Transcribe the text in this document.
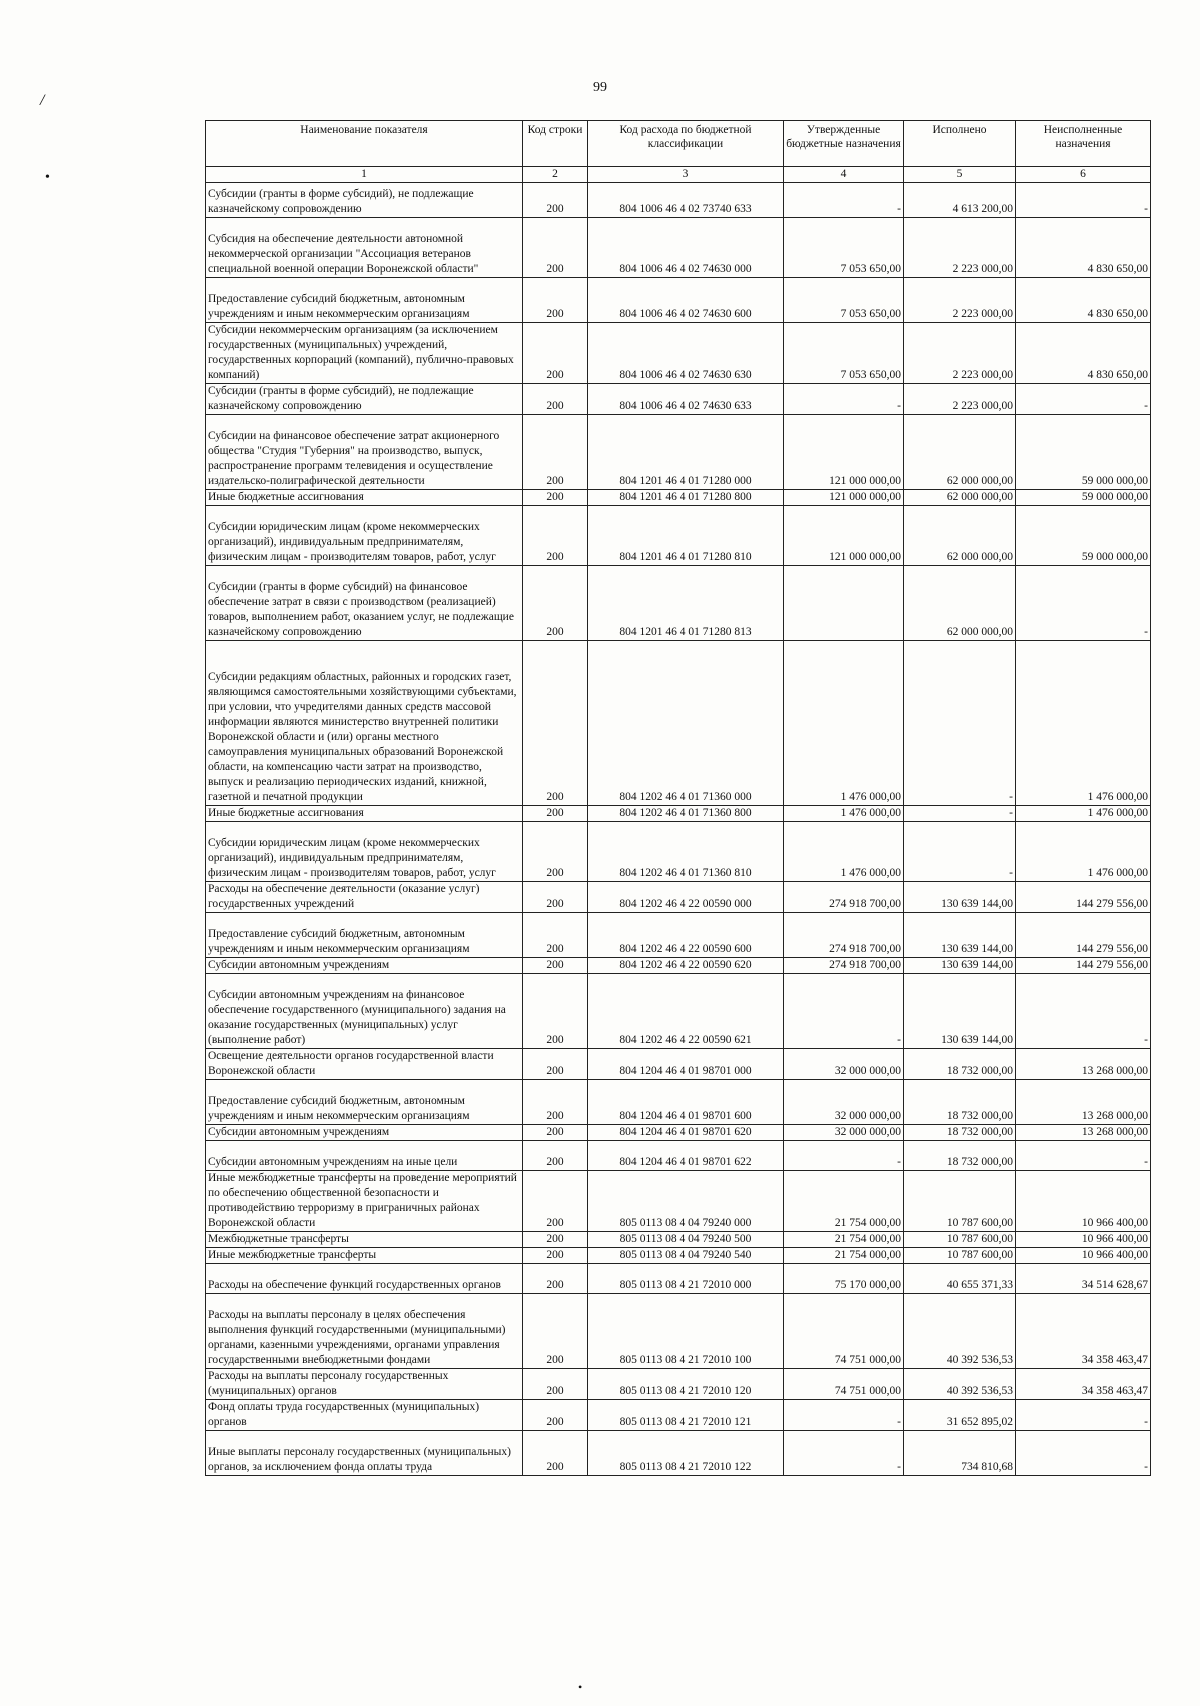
99
/
•
•
Наименование показателя	Код строки	Код расхода по бюджетной классификации	Утвержденные бюджетные назначения	Исполнено	Неисполненные назначения
1	2	3	4	5	6
Субсидии (гранты в форме субсидий), не подлежащие казначейскому сопровождению	200	804 1006 46 4 02 73740 633	-	4 613 200,00	-
Субсидия на обеспечение деятельности автономной некоммерческой организации "Ассоциация ветеранов специальной военной операции Воронежской области"	200	804 1006 46 4 02 74630 000	7 053 650,00	2 223 000,00	4 830 650,00
Предоставление субсидий бюджетным, автономным учреждениям и иным некоммерческим организациям	200	804 1006 46 4 02 74630 600	7 053 650,00	2 223 000,00	4 830 650,00
Субсидии некоммерческим организациям (за исключением государственных (муниципальных) учреждений, государственных корпораций (компаний), публично-правовых компаний)	200	804 1006 46 4 02 74630 630	7 053 650,00	2 223 000,00	4 830 650,00
Субсидии (гранты в форме субсидий), не подлежащие казначейскому сопровождению	200	804 1006 46 4 02 74630 633	-	2 223 000,00	-
Субсидии на финансовое обеспечение затрат акционерного общества "Студия "Губерния" на производство, выпуск, распространение программ телевидения и осуществление издательско-полиграфической деятельности	200	804 1201 46 4 01 71280 000	121 000 000,00	62 000 000,00	59 000 000,00
Иные бюджетные ассигнования	200	804 1201 46 4 01 71280 800	121 000 000,00	62 000 000,00	59 000 000,00
Субсидии юридическим лицам (кроме некоммерческих организаций), индивидуальным предпринимателям, физическим лицам - производителям товаров, работ, услуг	200	804 1201 46 4 01 71280 810	121 000 000,00	62 000 000,00	59 000 000,00
Субсидии (гранты в форме субсидий) на финансовое обеспечение затрат в связи с производством (реализацией) товаров, выполнением работ, оказанием услуг, не подлежащие казначейскому сопровождению	200	804 1201 46 4 01 71280 813		62 000 000,00	-
Субсидии редакциям областных, районных и городских газет, являющимся самостоятельными хозяйствующими субъектами, при условии, что учредителями данных средств массовой информации являются министерство внутренней политики Воронежской области и (или) органы местного самоуправления муниципальных образований Воронежской области, на компенсацию части затрат на производство, выпуск и реализацию периодических изданий, книжной, газетной и печатной продукции	200	804 1202 46 4 01 71360 000	1 476 000,00	-	1 476 000,00
Иные бюджетные ассигнования	200	804 1202 46 4 01 71360 800	1 476 000,00	-	1 476 000,00
Субсидии юридическим лицам (кроме некоммерческих организаций), индивидуальным предпринимателям, физическим лицам - производителям товаров, работ, услуг	200	804 1202 46 4 01 71360 810	1 476 000,00	-	1 476 000,00
Расходы на обеспечение деятельности (оказание услуг) государственных учреждений	200	804 1202 46 4 22 00590 000	274 918 700,00	130 639 144,00	144 279 556,00
Предоставление субсидий бюджетным, автономным учреждениям и иным некоммерческим организациям	200	804 1202 46 4 22 00590 600	274 918 700,00	130 639 144,00	144 279 556,00
Субсидии автономным учреждениям	200	804 1202 46 4 22 00590 620	274 918 700,00	130 639 144,00	144 279 556,00
Субсидии автономным учреждениям на финансовое обеспечение государственного (муниципального) задания на оказание государственных (муниципальных) услуг (выполнение работ)	200	804 1202 46 4 22 00590 621	-	130 639 144,00	-
Освещение деятельности органов государственной власти Воронежской области	200	804 1204 46 4 01 98701 000	32 000 000,00	18 732 000,00	13 268 000,00
Предоставление субсидий бюджетным, автономным учреждениям и иным некоммерческим организациям	200	804 1204 46 4 01 98701 600	32 000 000,00	18 732 000,00	13 268 000,00
Субсидии автономным учреждениям	200	804 1204 46 4 01 98701 620	32 000 000,00	18 732 000,00	13 268 000,00
Субсидии автономным учреждениям на иные цели	200	804 1204 46 4 01 98701 622	-	18 732 000,00	-
Иные межбюджетные трансферты на проведение мероприятий по обеспечению общественной безопасности и противодействию терроризму в приграничных районах Воронежской области	200	805 0113 08 4 04 79240 000	21 754 000,00	10 787 600,00	10 966 400,00
Межбюджетные трансферты	200	805 0113 08 4 04 79240 500	21 754 000,00	10 787 600,00	10 966 400,00
Иные межбюджетные трансферты	200	805 0113 08 4 04 79240 540	21 754 000,00	10 787 600,00	10 966 400,00
Расходы на обеспечение функций государственных органов	200	805 0113 08 4 21 72010 000	75 170 000,00	40 655 371,33	34 514 628,67
Расходы на выплаты персоналу в целях обеспечения выполнения функций государственными (муниципальными) органами, казенными учреждениями, органами управления государственными внебюджетными фондами	200	805 0113 08 4 21 72010 100	74 751 000,00	40 392 536,53	34 358 463,47
Расходы на выплаты персоналу государственных (муниципальных) органов	200	805 0113 08 4 21 72010 120	74 751 000,00	40 392 536,53	34 358 463,47
Фонд оплаты труда государственных (муниципальных) органов	200	805 0113 08 4 21 72010 121	-	31 652 895,02	-
Иные выплаты персоналу государственных (муниципальных) органов, за исключением фонда оплаты труда	200	805 0113 08 4 21 72010 122	-	734 810,68	-
